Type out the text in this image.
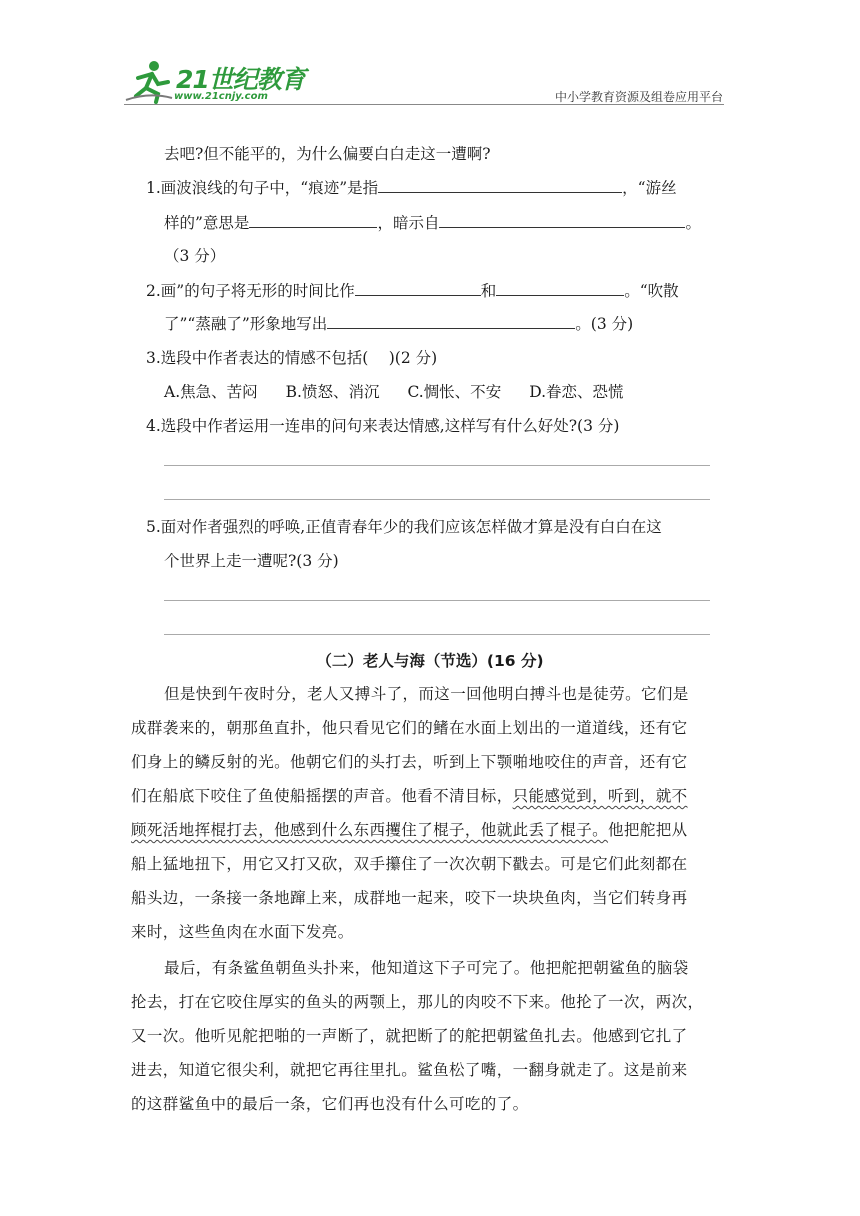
21世纪教育
www.21cnjy.com	中小学教育资源及组卷应用平台
去吧?但不能平的，为什么偏要白白走这一遭啊?
1.画波浪线的句子中，“痕迹”是指	，“游丝
样的”意思是	，暗示自	。
（3 分）
2.画”的句子将无形的时间比作	和	。“吹散
了”“蒸融了”形象地写出	。(3 分)
3.选段中作者表达的情感不包括(　 )(2 分)
A.焦急、苦闷 B.愤怒、消沉 C.惆怅、不安 D.眷恋、恐慌
4.选段中作者运用一连串的问句来表达情感,这样写有什么好处?(3 分)
5.面对作者强烈的呼唤,正值青春年少的我们应该怎样做才算是没有白白在这
个世界上走一遭呢?(3 分)
（二）老人与海（节选）(16 分)
但是快到午夜时分，老人又搏斗了，而这一回他明白搏斗也是徒劳。它们是
成群袭来的，朝那鱼直扑，他只看见它们的鳍在水面上划出的一道道线，还有它
们身上的鳞反射的光。他朝它们的头打去，听到上下颚啪地咬住的声音，还有它
们在船底下咬住了鱼使船摇摆的声音。他看不清目标，只能感觉到，听到，就不
顾死活地挥棍打去，他感到什么东西攫住了棍子，他就此丢了棍子。他把舵把从
船上猛地扭下，用它又打又砍，双手攥住了一次次朝下戳去。可是它们此刻都在
船头边，一条接一条地蹿上来，成群地一起来，咬下一块块鱼肉，当它们转身再
来时，这些鱼肉在水面下发亮。
最后，有条鲨鱼朝鱼头扑来，他知道这下子可完了。他把舵把朝鲨鱼的脑袋
抡去，打在它咬住厚实的鱼头的两颚上，那儿的肉咬不下来。他抡了一次，两次，
又一次。他听见舵把啪的一声断了，就把断了的舵把朝鲨鱼扎去。他感到它扎了
进去，知道它很尖利，就把它再往里扎。鲨鱼松了嘴，一翻身就走了。这是前来
的这群鲨鱼中的最后一条，它们再也没有什么可吃的了。
